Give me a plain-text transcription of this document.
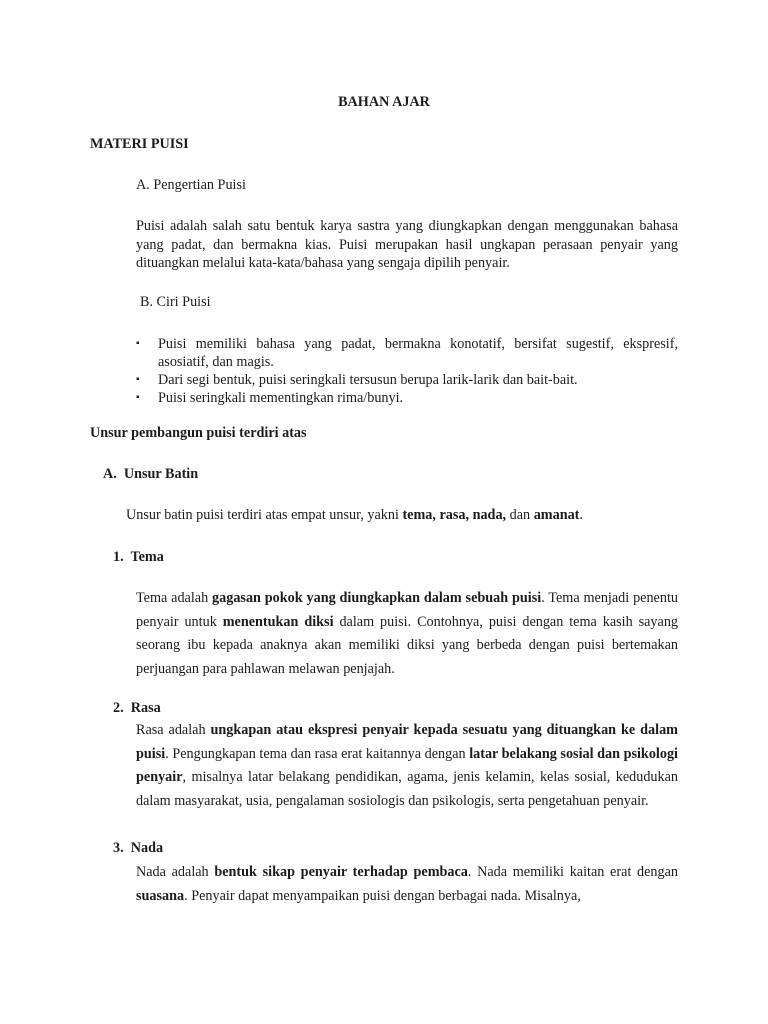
BAHAN AJAR
MATERI PUISI
A. Pengertian Puisi

Puisi adalah salah satu bentuk karya sastra yang diungkapkan dengan menggunakan bahasa yang padat, dan bermakna kias. Puisi merupakan hasil ungkapan perasaan penyair yang dituangkan melalui kata-kata/bahasa yang sengaja dipilih penyair.

B. Ciri Puisi
▪ Puisi memiliki bahasa yang padat, bermakna konotatif, bersifat sugestif, ekspresif, asosiatif, dan magis.
▪ Dari segi bentuk, puisi seringkali tersusun berupa larik-larik dan bait-bait.
▪ Puisi seringkali mementingkan rima/bunyi.
Unsur pembangun puisi terdiri atas
A.  Unsur Batin

Unsur batin puisi terdiri atas empat unsur, yakni tema, rasa, nada, dan amanat.

1.  Tema

Tema adalah gagasan pokok yang diungkapkan dalam sebuah puisi. Tema menjadi penentu penyair untuk menentukan diksi dalam puisi. Contohnya, puisi dengan tema kasih sayang seorang ibu kepada anaknya akan memiliki diksi yang berbeda dengan puisi bertemakan perjuangan para pahlawan melawan penjajah.

2.  Rasa

Rasa adalah ungkapan atau ekspresi penyair kepada sesuatu yang dituangkan ke dalam puisi. Pengungkapan tema dan rasa erat kaitannya dengan latar belakang sosial dan psikologi penyair, misalnya latar belakang pendidikan, agama, jenis kelamin, kelas sosial, kedudukan dalam masyarakat, usia, pengalaman sosiologis dan psikologis, serta pengetahuan penyair.

3.  Nada

Nada adalah bentuk sikap penyair terhadap pembaca. Nada memiliki kaitan erat dengan suasana. Penyair dapat menyampaikan puisi dengan berbagai nada. Misalnya,
